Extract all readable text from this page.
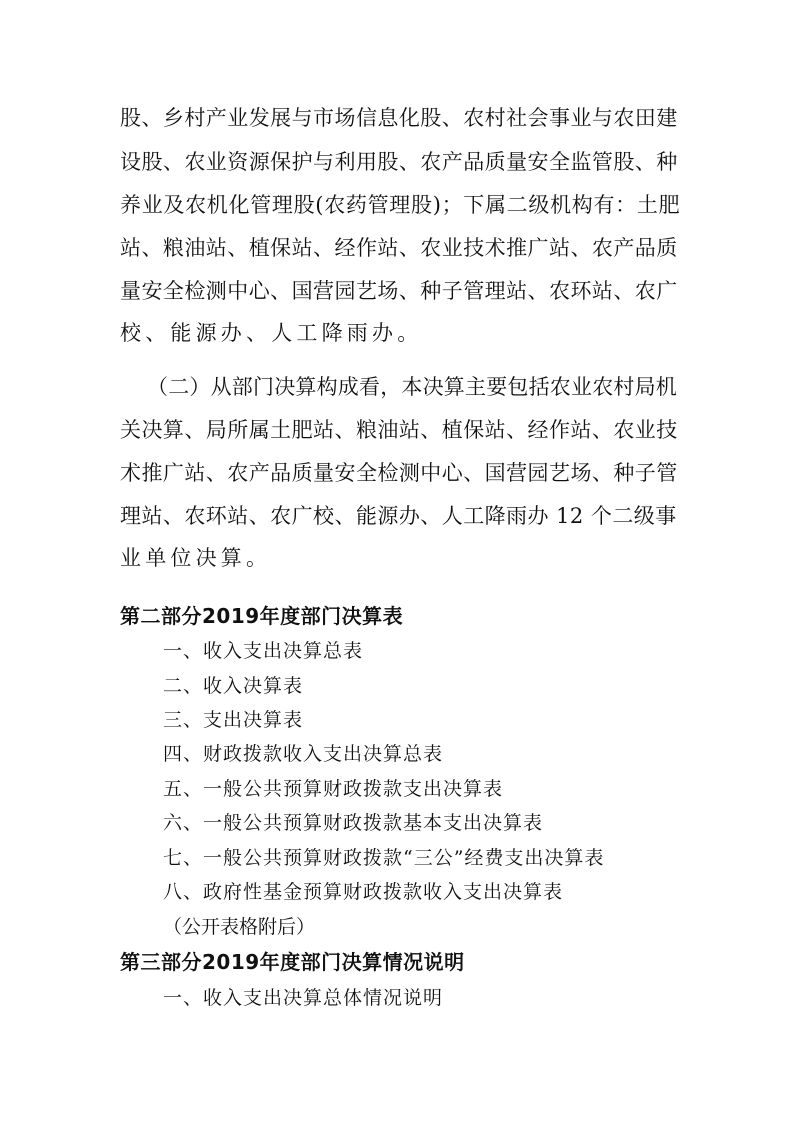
股、乡村产业发展与市场信息化股、农村社会事业与农田建
设股、农业资源保护与利用股、农产品质量安全监管股、种
养业及农机化管理股(农药管理股)；下属二级机构有：土肥
站、粮油站、植保站、经作站、农业技术推广站、农产品质
量安全检测中心、国营园艺场、种子管理站、农环站、农广
校、能源办、人工降雨办。
（二）从部门决算构成看，本决算主要包括农业农村局机
关决算、局所属土肥站、粮油站、植保站、经作站、农业技
术推广站、农产品质量安全检测中心、国营园艺场、种子管
理站、农环站、农广校、能源办、人工降雨办 12 个二级事
业单位决算。
第二部分2019年度部门决算表
一、收入支出决算总表
二、收入决算表
三、支出决算表
四、财政拨款收入支出决算总表
五、一般公共预算财政拨款支出决算表
六、一般公共预算财政拨款基本支出决算表
七、一般公共预算财政拨款“三公”经费支出决算表
八、政府性基金预算财政拨款收入支出决算表
（公开表格附后）
第三部分2019年度部门决算情况说明
一、收入支出决算总体情况说明
